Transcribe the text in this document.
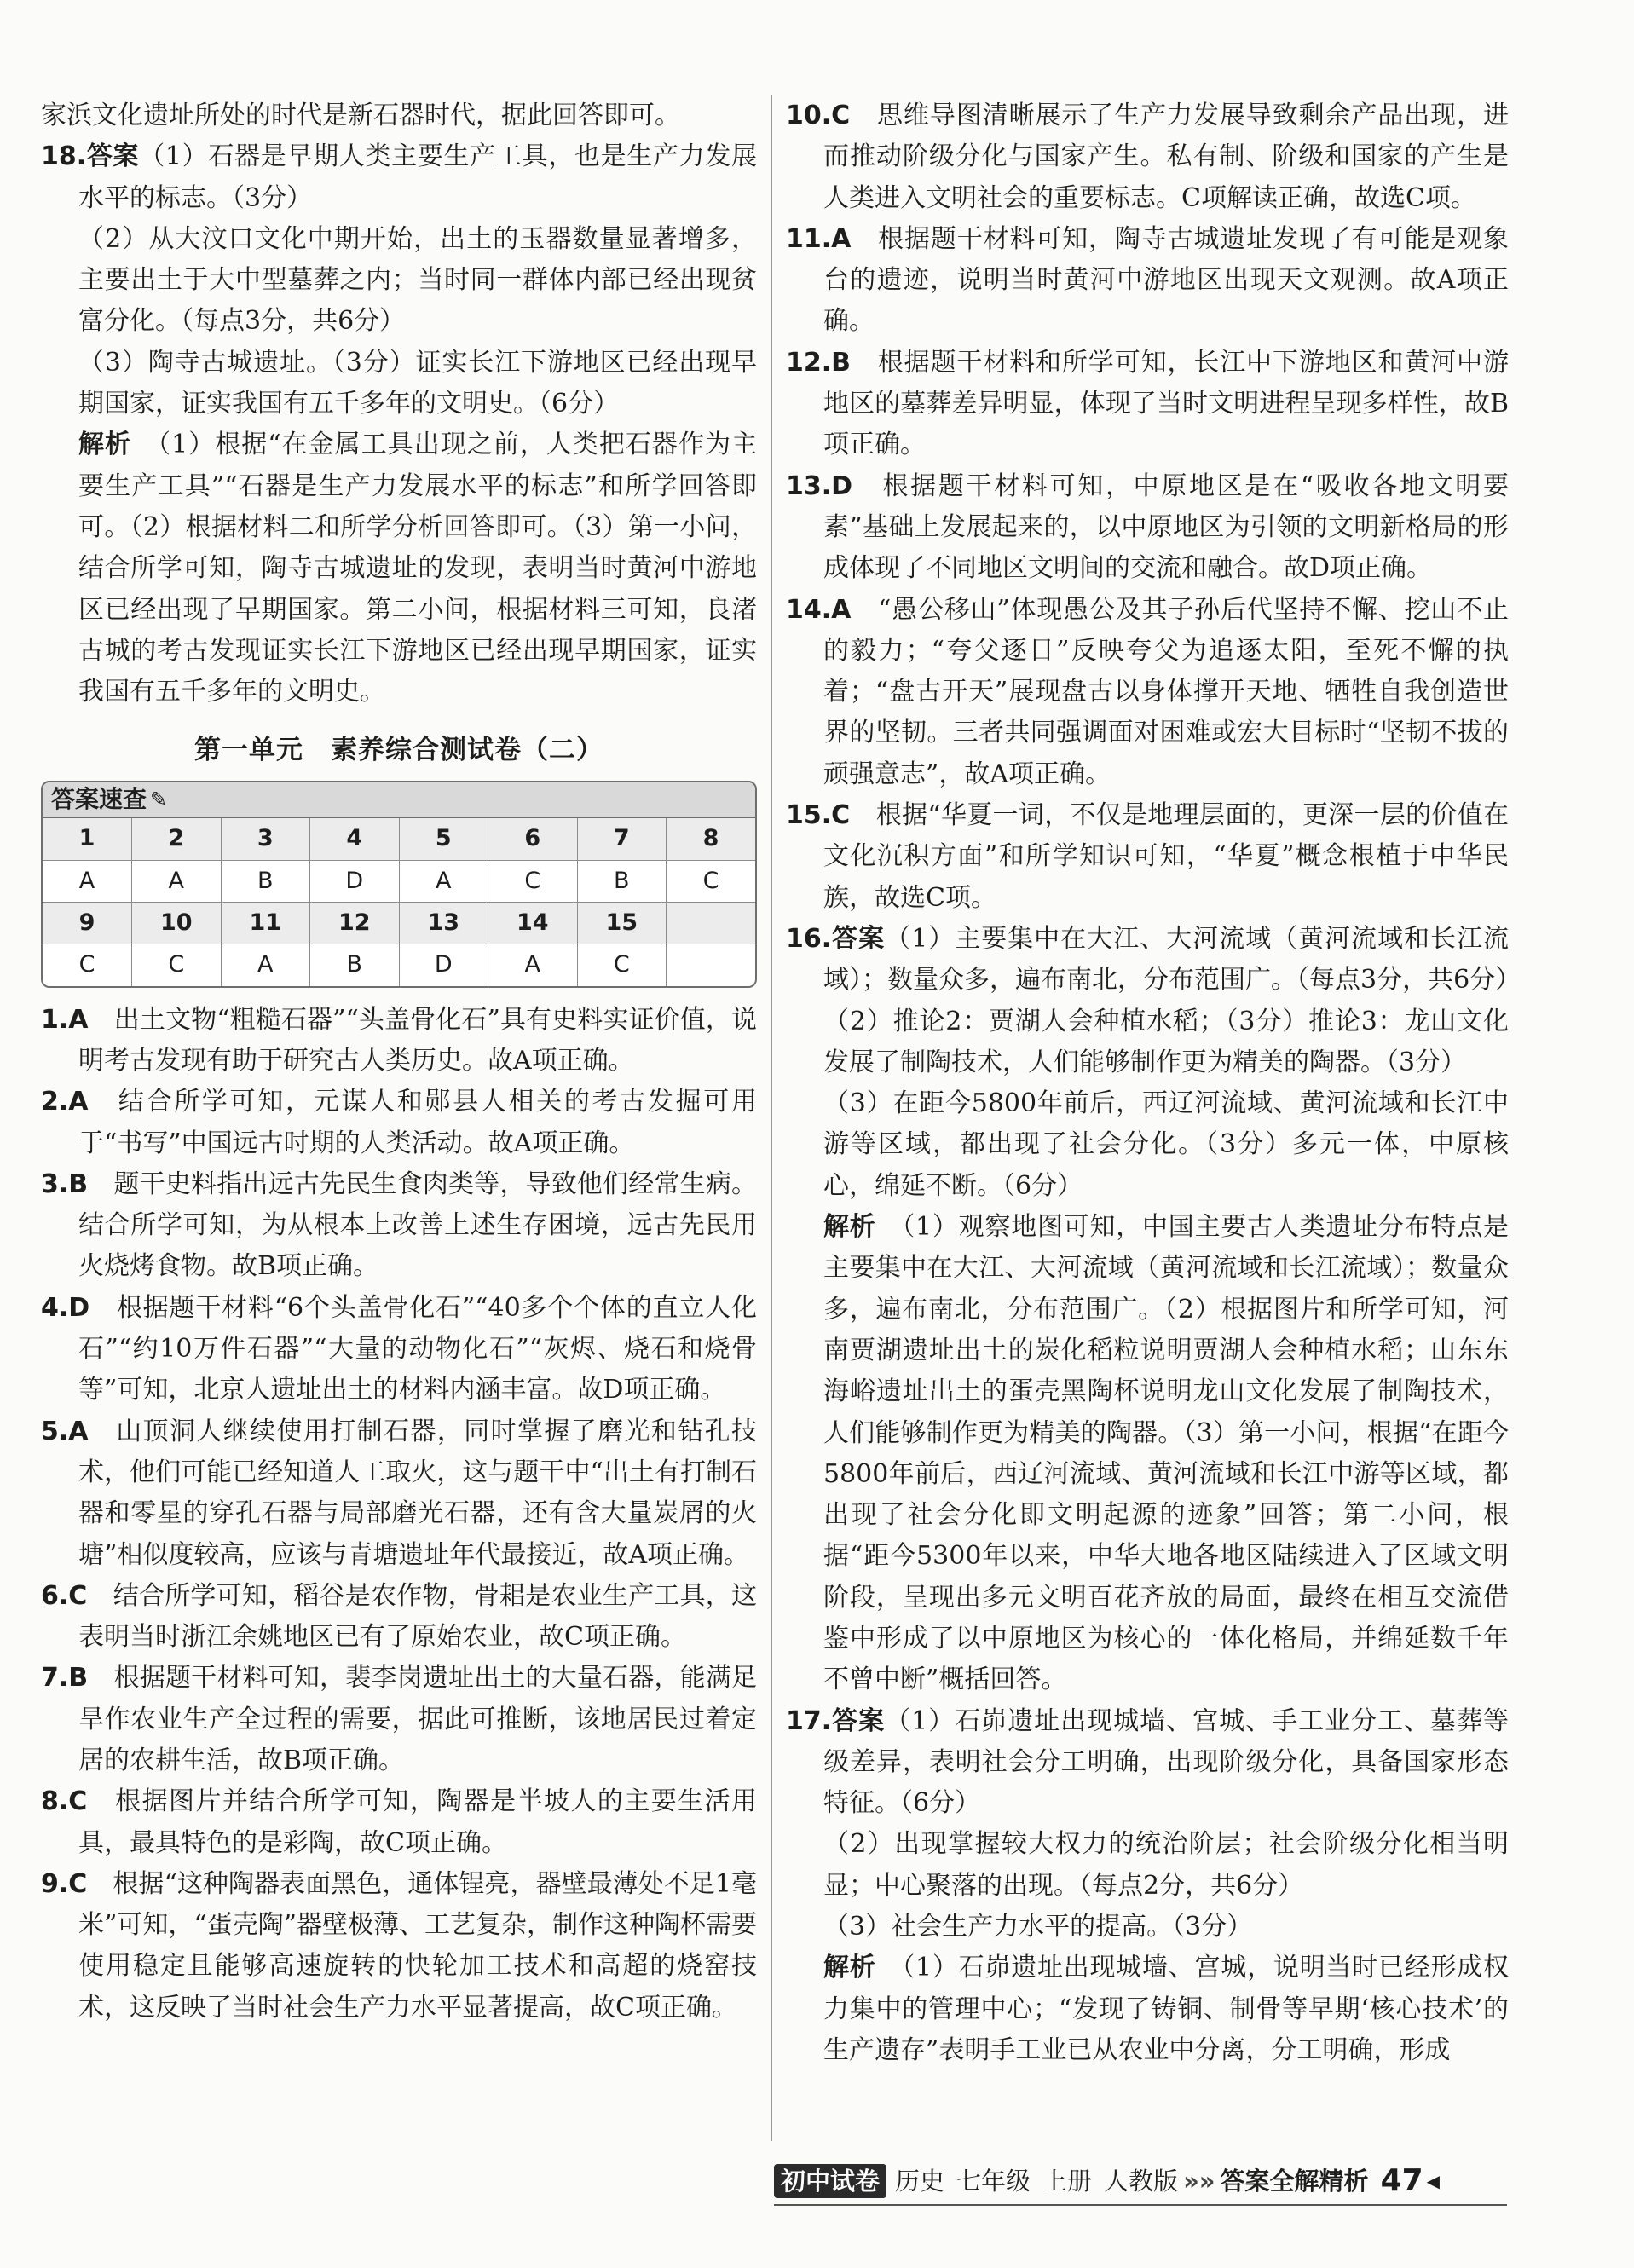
家浜文化遗址所处的时代是新石器时代，据此回答即可。

18.答案（1）石器是早期人类主要生产工具，也是生产力发展水平的标志。（3分）

（2）从大汶口文化中期开始，出土的玉器数量显著增多，主要出土于大中型墓葬之内；当时同一群体内部已经出现贫富分化。（每点3分，共6分）

（3）陶寺古城遗址。（3分）证实长江下游地区已经出现早期国家，证实我国有五千多年的文明史。（6分）

解析　 （1）根据“在金属工具出现之前，人类把石器作为主要生产工具”“石器是生产力发展水平的标志”和所学回答即可。（2）根据材料二和所学分析回答即可。（3）第一小问，结合所学可知，陶寺古城遗址的发现，表明当时黄河中游地区已经出现了早期国家。第二小问，根据材料三可知，良渚古城的考古发现证实长江下游地区已经出现早期国家，证实我国有五千多年的文明史。

第一单元　素养综合测试卷（二）
答案速查 ✎
1	2	3	4	5	6	7	8
A	A	B	D	A	C	B	C
9	10	11	12	13	14	15	
C	C	A	B	D	A	C	

1.A　 出土文物“粗糙石器”“头盖骨化石”具有史料实证价值，说明考古发现有助于研究古人类历史。故A项正确。

2.A　 结合所学可知，元谋人和郧县人相关的考古发掘可用于“书写”中国远古时期的人类活动。故A项正确。

3.B　 题干史料指出远古先民生食肉类等，导致他们经常生病。结合所学可知，为从根本上改善上述生存困境，远古先民用火烧烤食物。故B项正确。

4.D　 根据题干材料“6个头盖骨化石”“40多个个体的直立人化石”“约10万件石器”“大量的动物化石”“灰烬、烧石和烧骨等”可知，北京人遗址出土的材料内涵丰富。故D项正确。

5.A　 山顶洞人继续使用打制石器，同时掌握了磨光和钻孔技术，他们可能已经知道人工取火，这与题干中“出土有打制石器和零星的穿孔石器与局部磨光石器，还有含大量炭屑的火塘”相似度较高，应该与青塘遗址年代最接近，故A项正确。

6.C　 结合所学可知，稻谷是农作物，骨耜是农业生产工具，这表明当时浙江余姚地区已有了原始农业，故C项正确。

7.B　 根据题干材料可知，裴李岗遗址出土的大量石器，能满足旱作农业生产全过程的需要，据此可推断，该地居民过着定居的农耕生活，故B项正确。

8.C　 根据图片并结合所学可知，陶器是半坡人的主要生活用具，最具特色的是彩陶，故C项正确。

9.C　 根据“这种陶器表面黑色，通体锃亮，器壁最薄处不足1毫米”可知，“蛋壳陶”器壁极薄、工艺复杂，制作这种陶杯需要使用稳定且能够高速旋转的快轮加工技术和高超的烧窑技术，这反映了当时社会生产力水平显著提高，故C项正确。

10.C　 思维导图清晰展示了生产力发展导致剩余产品出现，进而推动阶级分化与国家产生。私有制、阶级和国家的产生是人类进入文明社会的重要标志。C项解读正确，故选C项。

11.A　 根据题干材料可知，陶寺古城遗址发现了有可能是观象台的遗迹，说明当时黄河中游地区出现天文观测。故A项正确。

12.B　 根据题干材料和所学可知，长江中下游地区和黄河中游地区的墓葬差异明显，体现了当时文明进程呈现多样性，故B项正确。

13.D　 根据题干材料可知，中原地区是在“吸收各地文明要素”基础上发展起来的，以中原地区为引领的文明新格局的形成体现了不同地区文明间的交流和融合。故D项正确。

14.A　 “愚公移山”体现愚公及其子孙后代坚持不懈、挖山不止的毅力；“夸父逐日”反映夸父为追逐太阳，至死不懈的执着；“盘古开天”展现盘古以身体撑开天地、牺牲自我创造世界的坚韧。三者共同强调面对困难或宏大目标时“坚韧不拔的顽强意志”，故A项正确。

15.C　 根据“华夏一词，不仅是地理层面的，更深一层的价值在文化沉积方面”和所学知识可知，“华夏”概念根植于中华民族，故选C项。

16.答案（1）主要集中在大江、大河流域（黄河流域和长江流域）；数量众多，遍布南北，分布范围广。（每点3分，共6分）

（2）推论2：贾湖人会种植水稻；（3分）推论3：龙山文化发展了制陶技术，人们能够制作更为精美的陶器。（3分）

（3）在距今5800年前后，西辽河流域、黄河流域和长江中游等区域，都出现了社会分化。（3分）多元一体，中原核心，绵延不断。（6分）

解析　 （1）观察地图可知，中国主要古人类遗址分布特点是主要集中在大江、大河流域（黄河流域和长江流域）；数量众多，遍布南北，分布范围广。（2）根据图片和所学可知，河南贾湖遗址出土的炭化稻粒说明贾湖人会种植水稻；山东东海峪遗址出土的蛋壳黑陶杯说明龙山文化发展了制陶技术，人们能够制作更为精美的陶器。（3）第一小问，根据“在距今5800年前后，西辽河流域、黄河流域和长江中游等区域，都出现了社会分化即文明起源的迹象”回答；第二小问，根据“距今5300年以来，中华大地各地区陆续进入了区域文明阶段，呈现出多元文明百花齐放的局面，最终在相互交流借鉴中形成了以中原地区为核心的一体化格局，并绵延数千年不曾中断”概括回答。

17.答案（1）石峁遗址出现城墙、宫城、手工业分工、墓葬等级差异，表明社会分工明确，出现阶级分化，具备国家形态特征。（6分）

（2）出现掌握较大权力的统治阶层；社会阶级分化相当明显；中心聚落的出现。（每点2分，共6分）

（3）社会生产力水平的提高。（3分）

解析　 （1）石峁遗址出现城墙、宫城，说明当时已经形成权力集中的管理中心；“发现了铸铜、制骨等早期‘核心技术’的生产遗存”表明手工业已从农业中分离，分工明确，形成

初中试卷 历史 七年级 上册 人教版 »» 答案全解精析 47 ◀
